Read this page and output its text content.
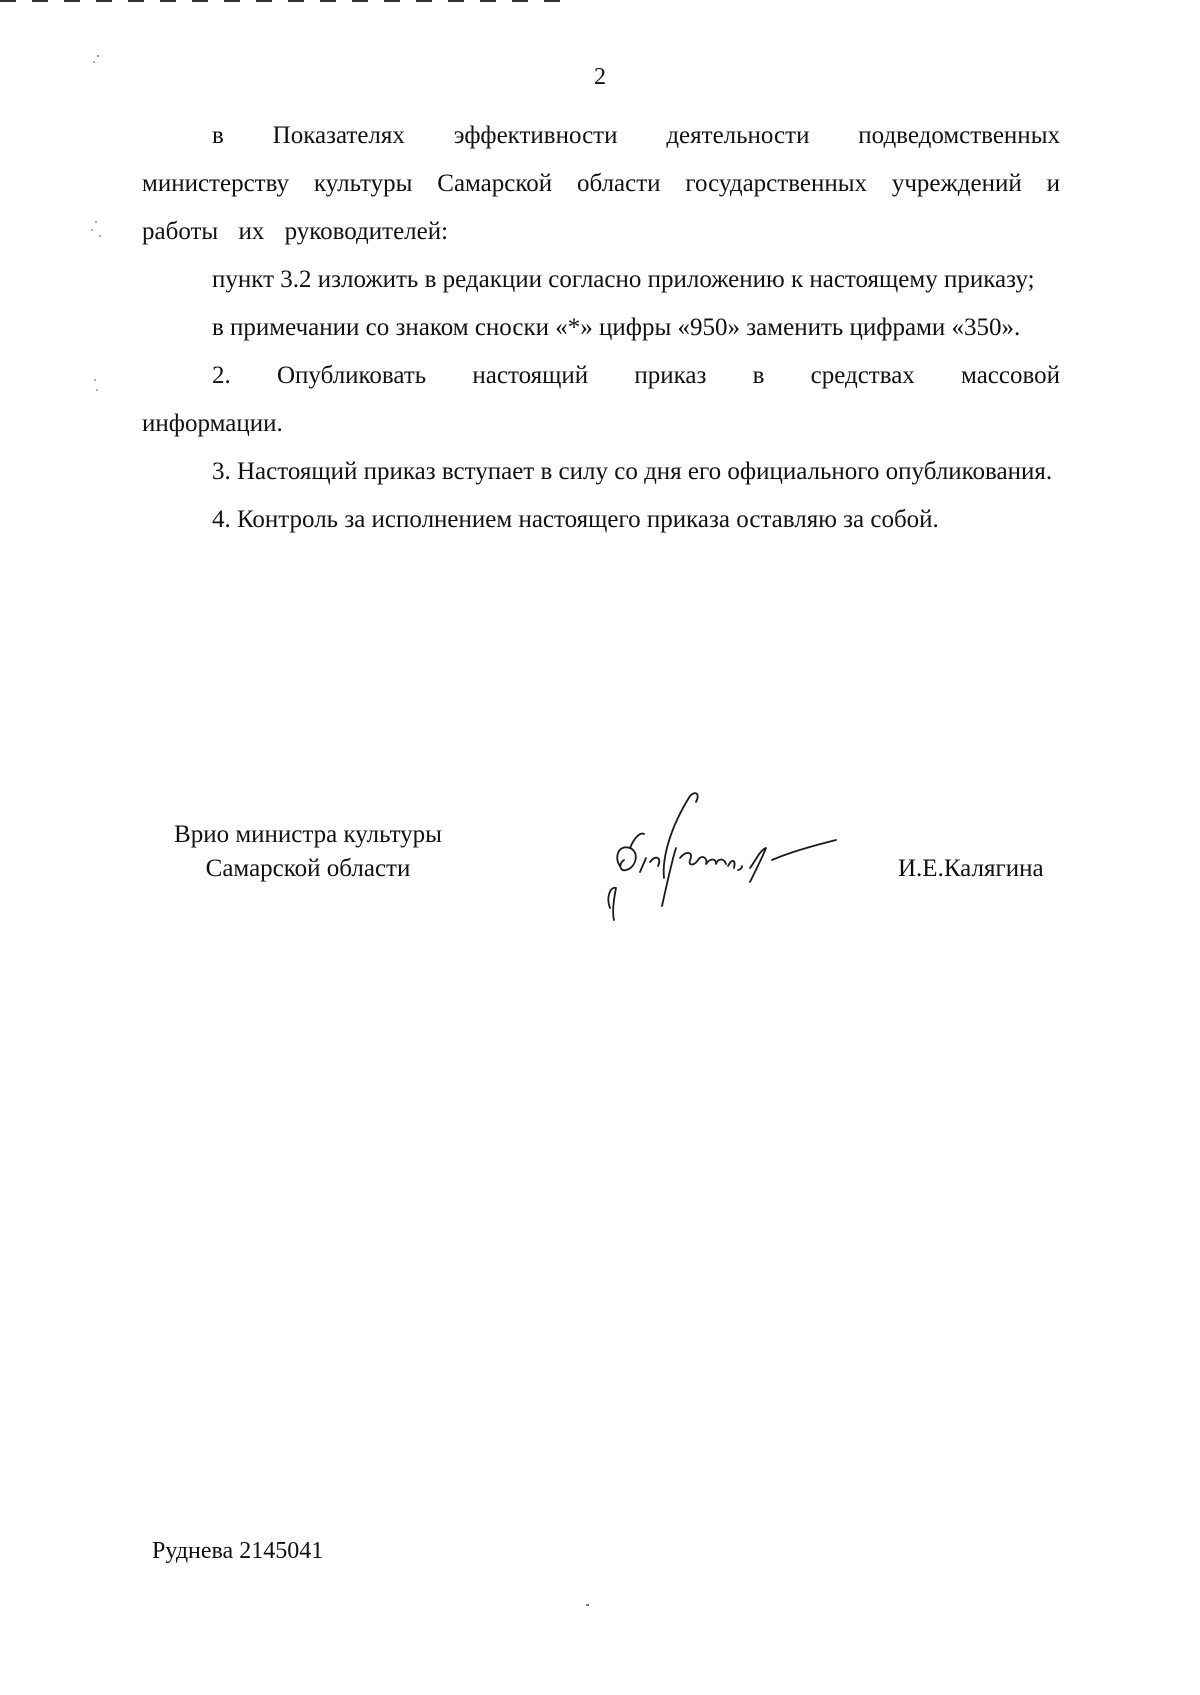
2

в Показателях эффективности деятельности подведомственных министерству культуры Самарской области государственных учреждений и работы их руководителей:

пункт 3.2 изложить в редакции согласно приложению к настоящему приказу;

в примечании со знаком сноски «*» цифры «950» заменить цифрами «350».

2. Опубликовать настоящий приказ в средствах массовой информации.

3. Настоящий приказ вступает в силу со дня его официального опубликования.

4. Контроль за исполнением настоящего приказа оставляю за собой.

Врио министра культуры
Самарской области	И.Е.Калягина
Руднева 2145041
